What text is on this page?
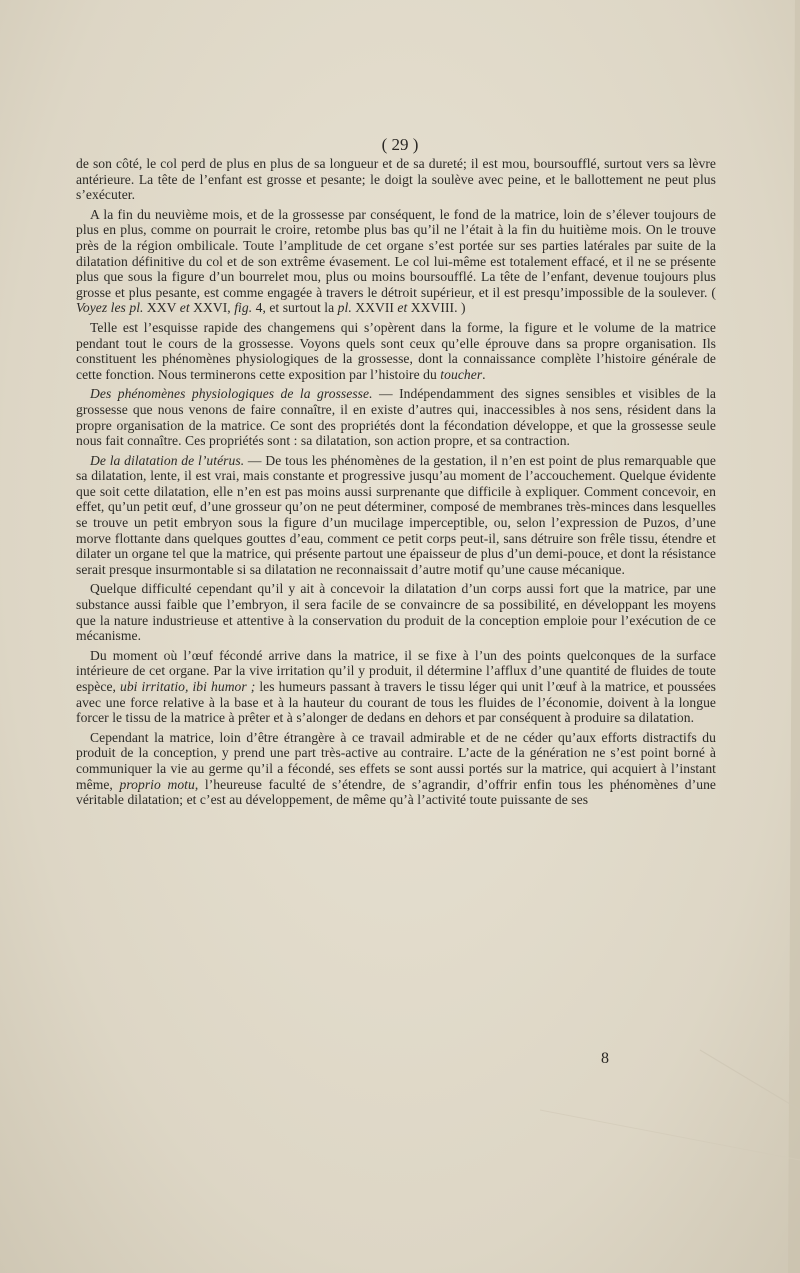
( 29 )

de son côté, le col perd de plus en plus de sa longueur et de sa dureté; il est mou, boursoufflé, surtout vers sa lèvre antérieure. La tête de l’enfant est grosse et pesante; le doigt la soulève avec peine, et le ballottement ne peut plus s’exécuter.

A la fin du neuvième mois, et de la grossesse par conséquent, le fond de la matrice, loin de s’élever toujours de plus en plus, comme on pourrait le croire, retombe plus bas qu’il ne l’était à la fin du huitième mois. On le trouve près de la région ombilicale. Toute l’amplitude de cet organe s’est portée sur ses parties latérales par suite de la dilatation définitive du col et de son extrême évasement. Le col lui-même est totalement effacé, et il ne se présente plus que sous la figure d’un bourrelet mou, plus ou moins boursoufflé. La tête de l’enfant, devenue toujours plus grosse et plus pesante, est comme engagée à travers le détroit supérieur, et il est presqu’impossible de la soulever. ( Voyez les pl. XXV et XXVI, fig. 4, et surtout la pl. XXVII et XXVIII. )

Telle est l’esquisse rapide des changemens qui s’opèrent dans la forme, la figure et le volume de la matrice pendant tout le cours de la grossesse. Voyons quels sont ceux qu’elle éprouve dans sa propre organisation. Ils constituent les phénomènes physiologiques de la grossesse, dont la connaissance complète l’histoire générale de cette fonction. Nous terminerons cette exposition par l’histoire du toucher.

Des phénomènes physiologiques de la grossesse. — Indépendamment des signes sensibles et visibles de la grossesse que nous venons de faire connaître, il en existe d’autres qui, inaccessibles à nos sens, résident dans la propre organisation de la matrice. Ce sont des propriétés dont la fécondation développe, et que la grossesse seule nous fait connaître. Ces propriétés sont : sa dilatation, son action propre, et sa contraction.

De la dilatation de l’utérus. — De tous les phénomènes de la gestation, il n’en est point de plus remarquable que sa dilatation, lente, il est vrai, mais constante et progressive jusqu’au moment de l’accouchement. Quelque évidente que soit cette dilatation, elle n’en est pas moins aussi surprenante que difficile à expliquer. Comment concevoir, en effet, qu’un petit œuf, d’une grosseur qu’on ne peut déterminer, composé de membranes très-minces dans lesquelles se trouve un petit embryon sous la figure d’un mucilage imperceptible, ou, selon l’expression de Puzos, d’une morve flottante dans quelques gouttes d’eau, comment ce petit corps peut-il, sans détruire son frêle tissu, étendre et dilater un organe tel que la matrice, qui présente partout une épaisseur de plus d’un demi-pouce, et dont la résistance serait presque insurmontable si sa dilatation ne reconnaissait d’autre motif qu’une cause mécanique.

Quelque difficulté cependant qu’il y ait à concevoir la dilatation d’un corps aussi fort que la matrice, par une substance aussi faible que l’embryon, il sera facile de se convaincre de sa possibilité, en développant les moyens que la nature industrieuse et attentive à la conservation du produit de la conception emploie pour l’exécution de ce mécanisme.

Du moment où l’œuf fécondé arrive dans la matrice, il se fixe à l’un des points quelconques de la surface intérieure de cet organe. Par la vive irritation qu’il y produit, il détermine l’afflux d’une quantité de fluides de toute espèce, ubi irritatio, ibi humor ; les humeurs passant à travers le tissu léger qui unit l’œuf à la matrice, et poussées avec une force relative à la base et à la hauteur du courant de tous les fluides de l’économie, doivent à la longue forcer le tissu de la matrice à prêter et à s’alonger de dedans en dehors et par conséquent à produire sa dilatation.

Cependant la matrice, loin d’être étrangère à ce travail admirable et de ne céder qu’aux efforts distractifs du produit de la conception, y prend une part très-active au contraire. L’acte de la génération ne s’est point borné à communiquer la vie au germe qu’il a fécondé, ses effets se sont aussi portés sur la matrice, qui acquiert à l’instant même, proprio motu, l’heureuse faculté de s’étendre, de s’agrandir, d’offrir enfin tous les phénomènes d’une véritable dilatation; et c’est au développement, de même qu’à l’activité toute puissante de ses

8
